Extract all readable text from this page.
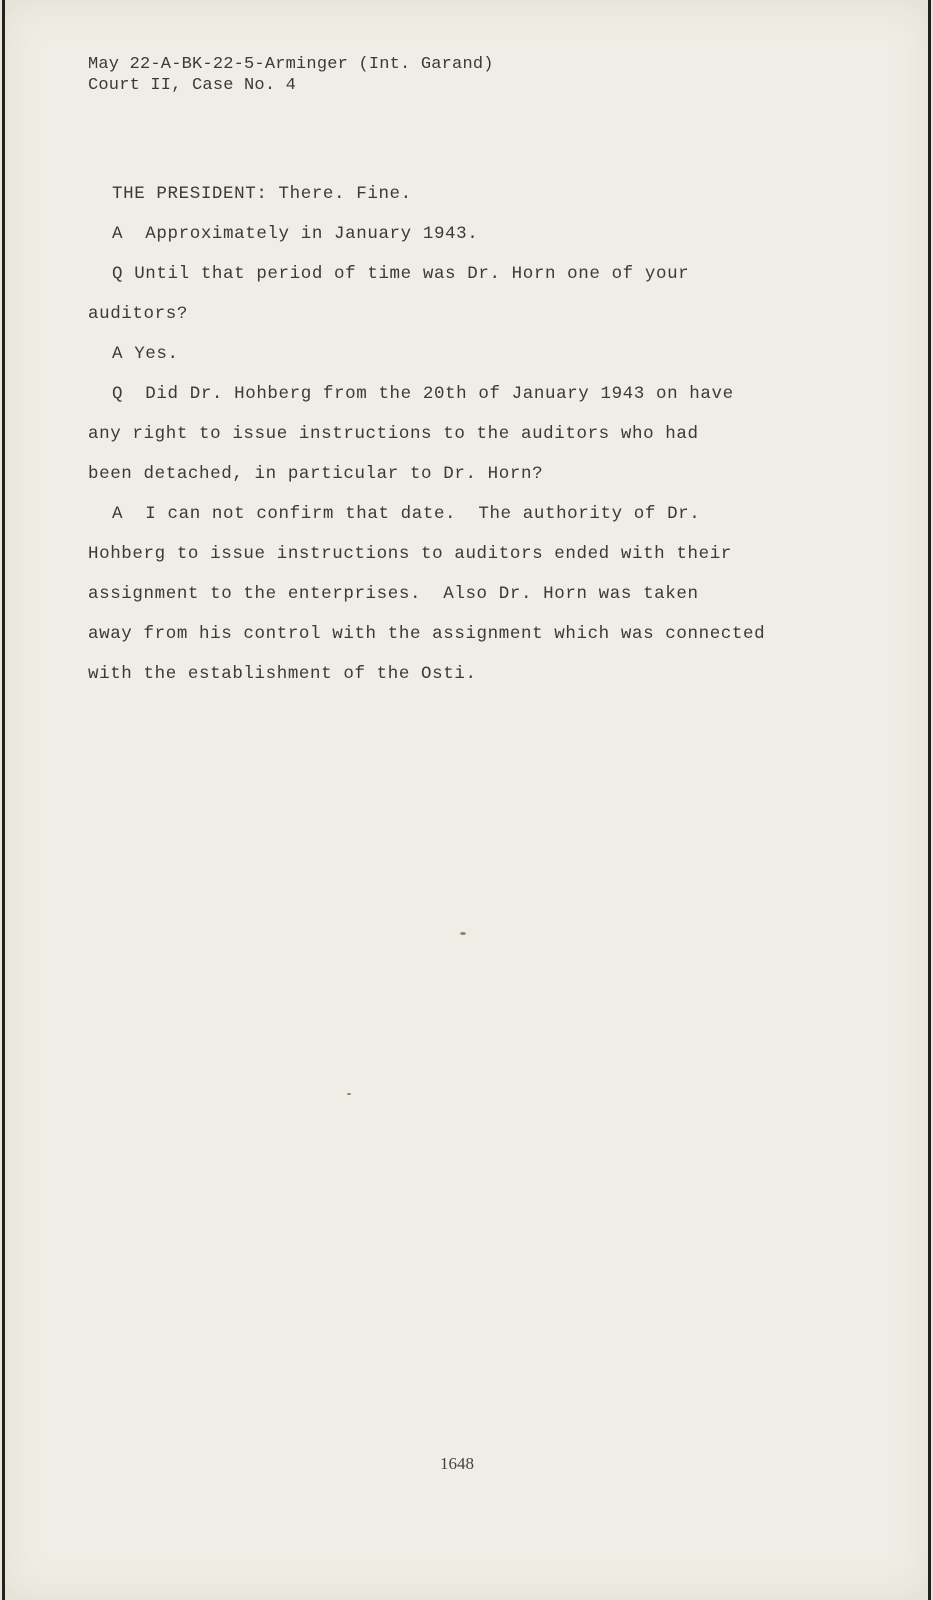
May 22-A-BK-22-5-Arminger (Int. Garand)
Court II, Case No. 4
THE PRESIDENT: There. Fine.
A  Approximately in January 1943.
Q Until that period of time was Dr. Horn one of your
auditors?
A Yes.
Q  Did Dr. Hohberg from the 20th of January 1943 on have
any right to issue instructions to the auditors who had
been detached, in particular to Dr. Horn?
A  I can not confirm that date.  The authority of Dr.
Hohberg to issue instructions to auditors ended with their
assignment to the enterprises.  Also Dr. Horn was taken
away from his control with the assignment which was connected
with the establishment of the Osti.
1648
